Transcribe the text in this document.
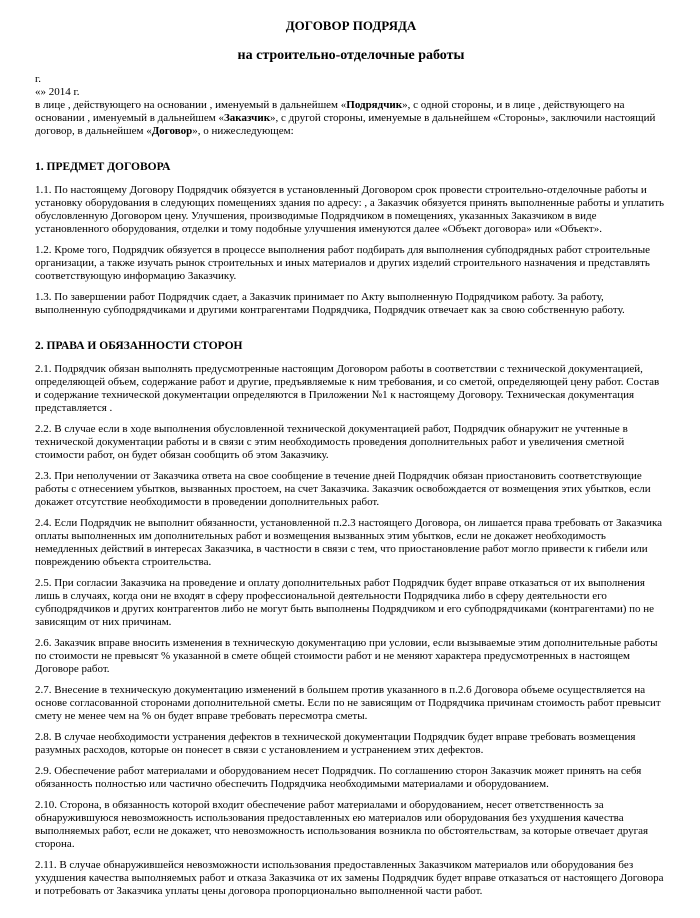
ДОГОВОР ПОДРЯДА
на строительно-отделочные работы
г.
«» 2014 г.

в лице , действующего на основании , именуемый в дальнейшем «Подрядчик», с одной стороны, и в лице , действующего на основании , именуемый в дальнейшем «Заказчик», с другой стороны, именуемые в дальнейшем «Стороны», заключили настоящий договор, в дальнейшем «Договор», о нижеследующем:

1. ПРЕДМЕТ ДОГОВОРА

1.1. По настоящему Договору Подрядчик обязуется в установленный Договором срок провести строительно-отделочные работы и установку оборудования в следующих помещениях здания по адресу: , а Заказчик обязуется принять выполненные работы и уплатить обусловленную Договором цену. Улучшения, производимые Подрядчиком в помещениях, указанных Заказчиком в виде установленного оборудования, отделки и тому подобные улучшения именуются далее «Объект договора» или «Объект».

1.2. Кроме того, Подрядчик обязуется в процессе выполнения работ подбирать для выполнения субподрядных работ строительные организации, а также изучать рынок строительных и иных материалов и других изделий строительного назначения и представлять соответствующую информацию Заказчику.

1.3. По завершении работ Подрядчик сдает, а Заказчик принимает по Акту выполненную Подрядчиком работу. За работу, выполненную субподрядчиками и другими контрагентами Подрядчика, Подрядчик отвечает как за свою собственную работу.

2. ПРАВА И ОБЯЗАННОСТИ СТОРОН

2.1. Подрядчик обязан выполнять предусмотренные настоящим Договором работы в соответствии с технической документацией, определяющей объем, содержание работ и другие, предъявляемые к ним требования, и со сметой, определяющей цену работ. Состав и содержание технической документации определяются в Приложении №1 к настоящему Договору. Техническая документация представляется .

2.2. В случае если в ходе выполнения обусловленной технической документацией работ, Подрядчик обнаружит не учтенные в технической документации работы и в связи с этим необходимость проведения дополнительных работ и увеличения сметной стоимости работ, он будет обязан сообщить об этом Заказчику.

2.3. При неполучении от Заказчика ответа на свое сообщение в течение дней Подрядчик обязан приостановить соответствующие работы с отнесением убытков, вызванных простоем, на счет Заказчика. Заказчик освобождается от возмещения этих убытков, если докажет отсутствие необходимости в проведении дополнительных работ.

2.4. Если Подрядчик не выполнит обязанности, установленной п.2.3 настоящего Договора, он лишается права требовать от Заказчика оплаты выполненных им дополнительных работ и возмещения вызванных этим убытков, если не докажет необходимость немедленных действий в интересах Заказчика, в частности в связи с тем, что приостановление работ могло привести к гибели или повреждению объекта строительства.

2.5. При согласии Заказчика на проведение и оплату дополнительных работ Подрядчик будет вправе отказаться от их выполнения лишь в случаях, когда они не входят в сферу профессиональной деятельности Подрядчика либо в сферу деятельности его субподрядчиков и других контрагентов либо не могут быть выполнены Подрядчиком и его субподрядчиками (контрагентами) по не зависящим от них причинам.

2.6. Заказчик вправе вносить изменения в техническую документацию при условии, если вызываемые этим дополнительные работы по стоимости не превысят % указанной в смете общей стоимости работ и не меняют характера предусмотренных в настоящем Договоре работ.

2.7. Внесение в техническую документацию изменений в большем против указанного в п.2.6 Договора объеме осуществляется на основе согласованной сторонами дополнительной сметы. Если по не зависящим от Подрядчика причинам стоимость работ превысит смету не менее чем на % он будет вправе требовать пересмотра сметы.

2.8. В случае необходимости устранения дефектов в технической документации Подрядчик будет вправе требовать возмещения разумных расходов, которые он понесет в связи с установлением и устранением этих дефектов.

2.9. Обеспечение работ материалами и оборудованием несет Подрядчик. По соглашению сторон Заказчик может принять на себя обязанность полностью или частично обеспечить Подрядчика необходимыми материалами и оборудованием.

2.10. Сторона, в обязанность которой входит обеспечение работ материалами и оборудованием, несет ответственность за обнаружившуюся невозможность использования предоставленных ею материалов или оборудования без ухудшения качества выполняемых работ, если не докажет, что невозможность использования возникла по обстоятельствам, за которые отвечает другая сторона.

2.11. В случае обнаружившейся невозможности использования предоставленных Заказчиком материалов или оборудования без ухудшения качества выполняемых работ и отказа Заказчика от их замены Подрядчик будет вправе отказаться от настоящего Договора и потребовать от Заказчика уплаты цены договора пропорционально выполненной части работ.
